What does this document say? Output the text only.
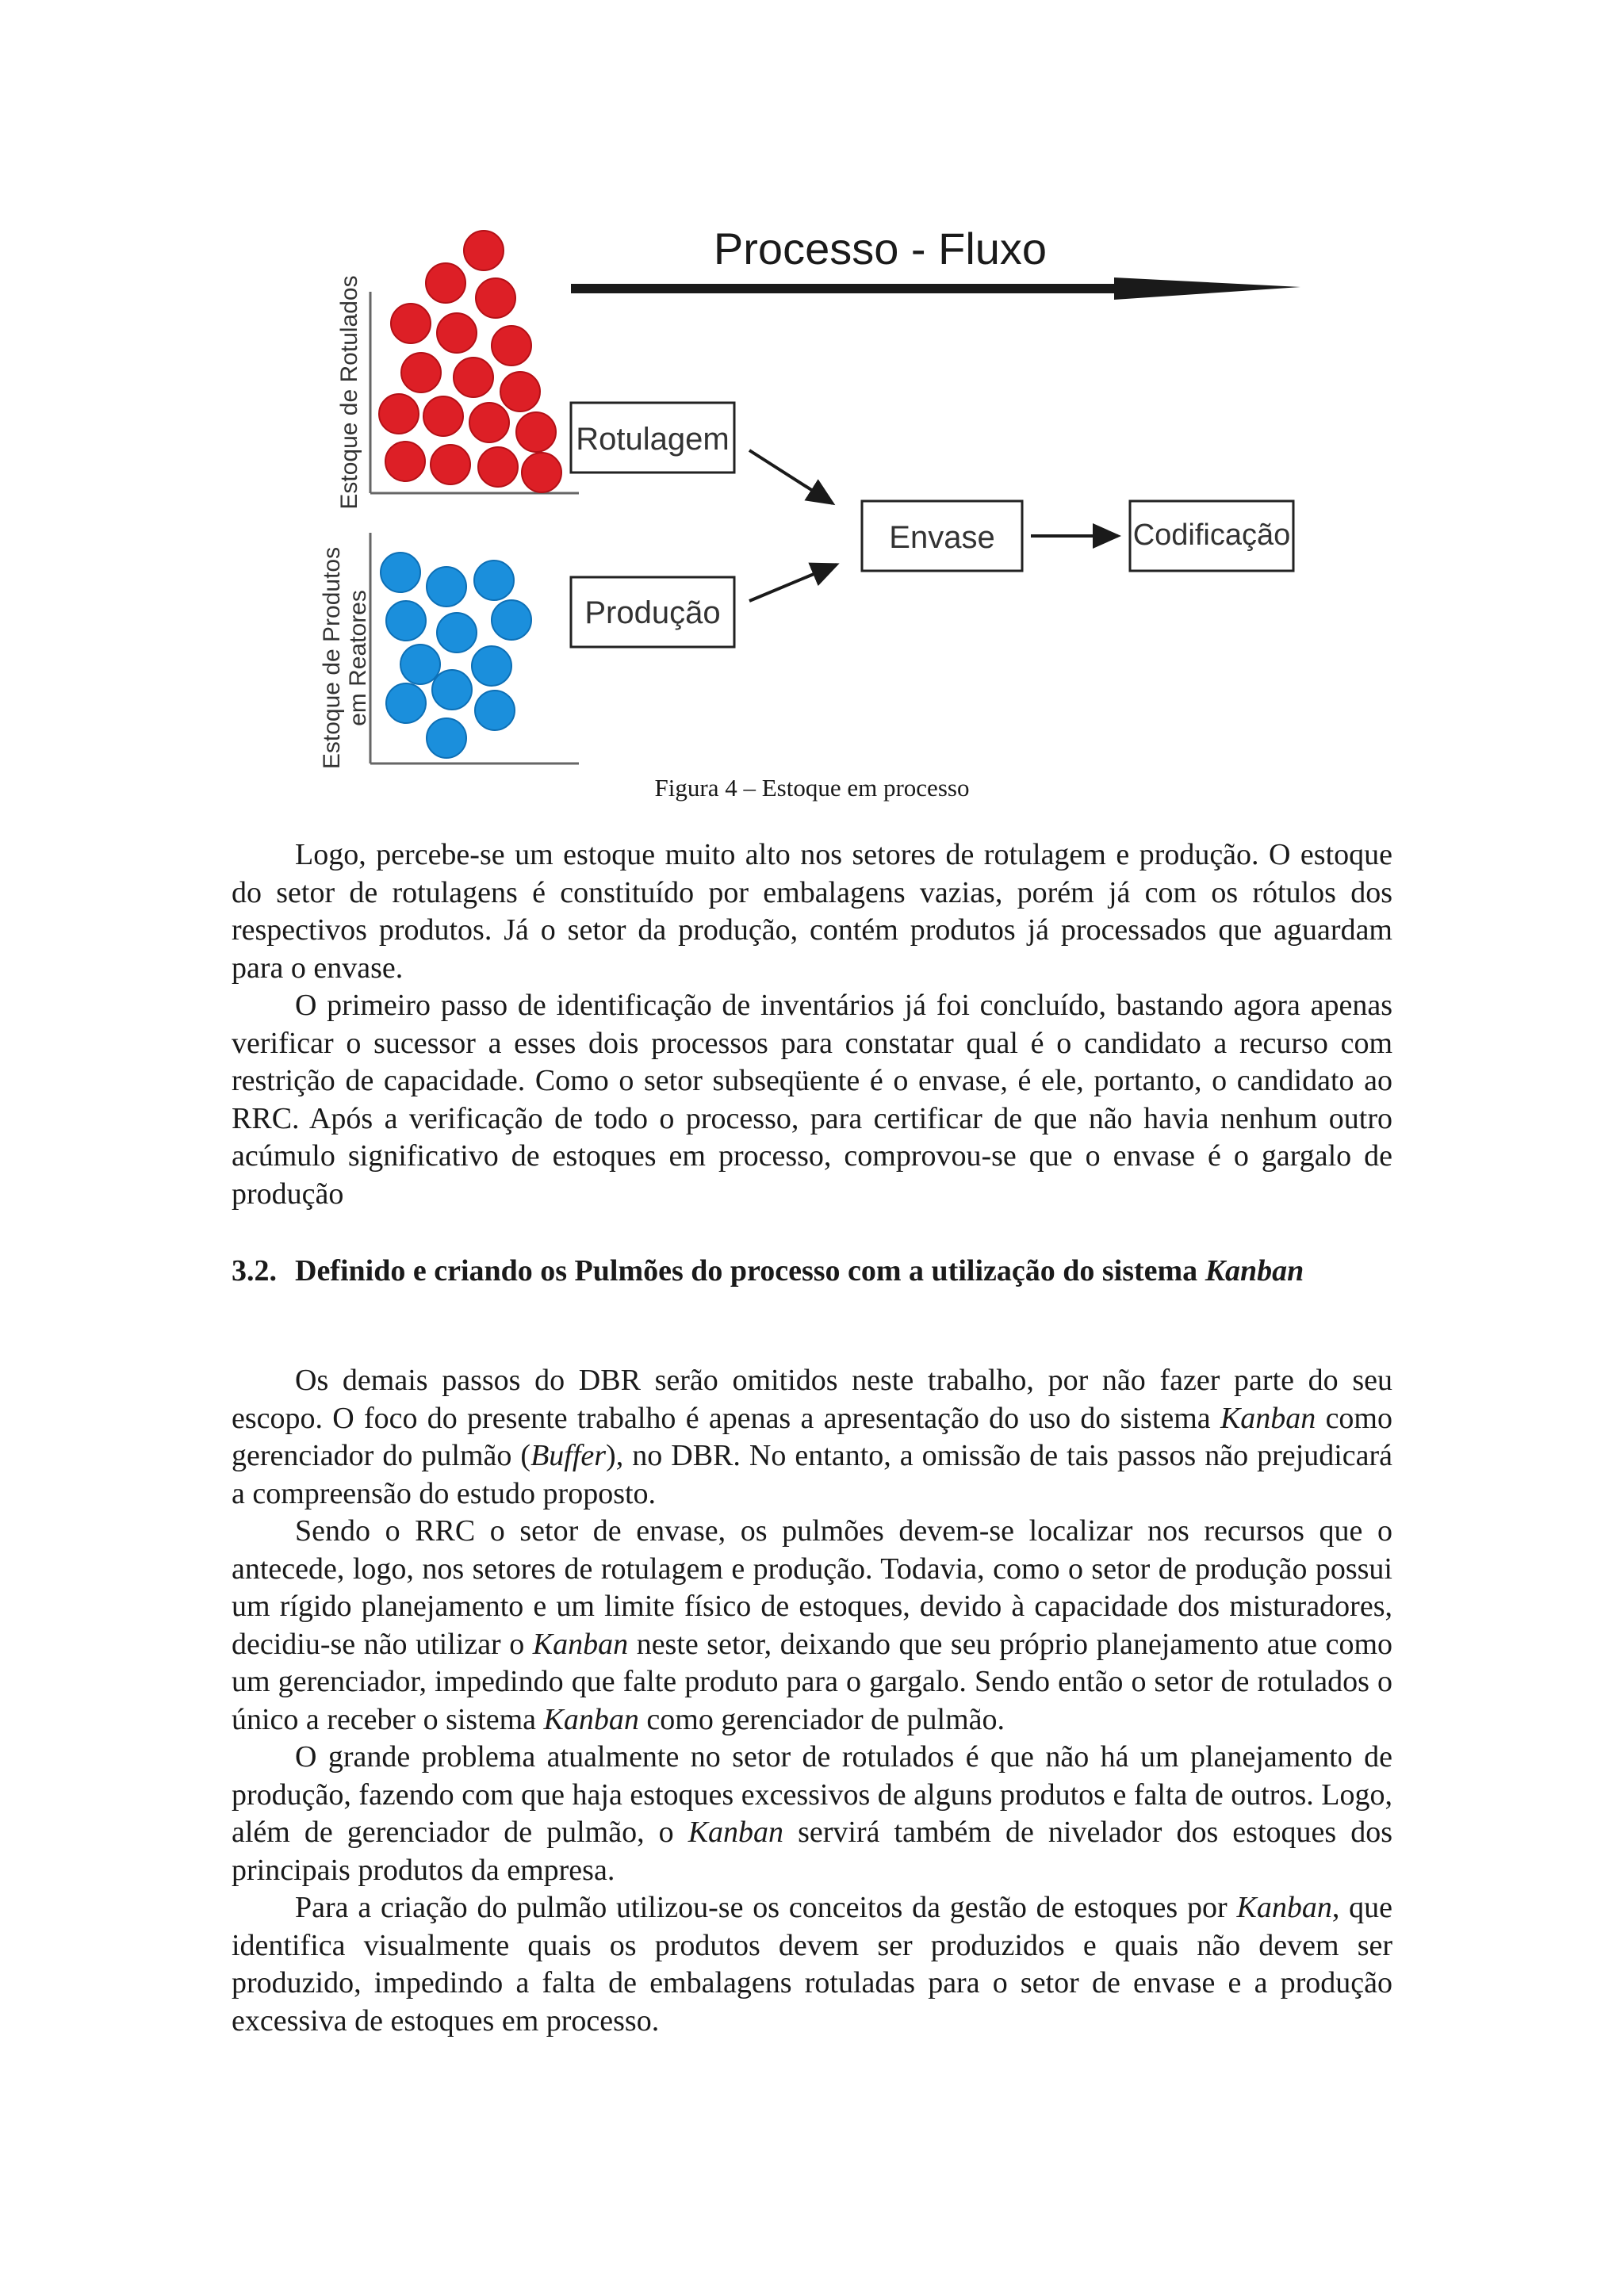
Processo - Fluxo
Estoque de Rotulados
Estoque de Produtos em Reatores
Rotulagem
Produção
Envase	Codificação
Figura 4 – Estoque em processo

Logo, percebe-se um estoque muito alto nos setores de rotulagem e produção. O estoque do setor de rotulagens é constituído por embalagens vazias, porém já com os rótulos dos respectivos produtos. Já o setor da produção, contém produtos já processados que aguardam para o envase.

O primeiro passo de identificação de inventários já foi concluído, bastando agora apenas verificar o sucessor a esses dois processos para constatar qual é o candidato a recurso com restrição de capacidade. Como o setor subseqüente é o envase, é ele, portanto, o candidato ao RRC. Após a verificação de todo o processo, para certificar de que não havia nenhum outro acúmulo significativo de estoques em processo, comprovou-se que o envase é o gargalo de produção

3.2. Definido e criando os Pulmões do processo com a utilização do sistema Kanban

Os demais passos do DBR serão omitidos neste trabalho, por não fazer parte do seu escopo. O foco do presente trabalho é apenas a apresentação do uso do sistema Kanban como gerenciador do pulmão (Buffer), no DBR. No entanto, a omissão de tais passos não prejudicará a compreensão do estudo proposto.

Sendo o RRC o setor de envase, os pulmões devem-se localizar nos recursos que o antecede, logo, nos setores de rotulagem e produção. Todavia, como o setor de produção possui um rígido planejamento e um limite físico de estoques, devido à capacidade dos misturadores, decidiu-se não utilizar o Kanban neste setor, deixando que seu próprio planejamento atue como um gerenciador, impedindo que falte produto para o gargalo. Sendo então o setor de rotulados o único a receber o sistema Kanban como gerenciador de pulmão.

O grande problema atualmente no setor de rotulados é que não há um planejamento de produção, fazendo com que haja estoques excessivos de alguns produtos e falta de outros. Logo, além de gerenciador de pulmão, o Kanban servirá também de nivelador dos estoques dos principais produtos da empresa.

Para a criação do pulmão utilizou-se os conceitos da gestão de estoques por Kanban, que identifica visualmente quais os produtos devem ser produzidos e quais não devem ser produzido, impedindo a falta de embalagens rotuladas para o setor de envase e a produção excessiva de estoques em processo.
